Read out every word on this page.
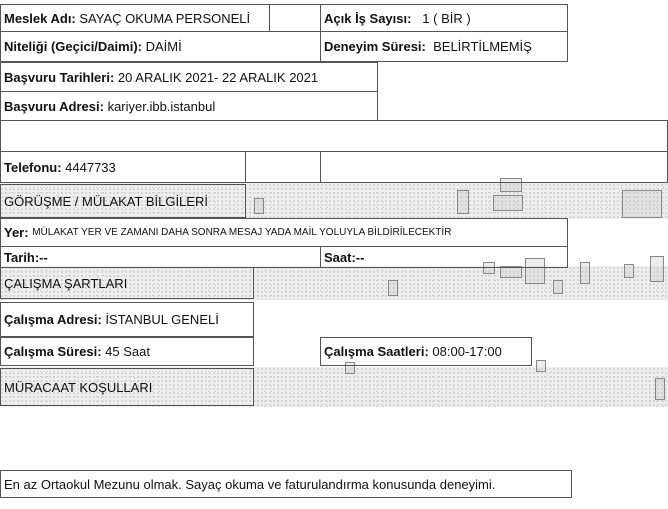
Meslek Adı:
SAYAÇ OKUMA PERSONELİ	Açık İş Sayısı:
1 ( BİR )
Niteliği (Geçici/Daimi):
DAİMİ	Deneyim Süresi:
BELİRTİLMEMİŞ
Başvuru Tarihleri:
20 ARALIK 2021- 22 ARALIK 2021
Başvuru Adresi:
kariyer.ibb.istanbul
Telefonu:
4447733
GÖRÜŞME / MÜLAKAT BİLGİLERİ
Yer:
MÜLAKAT YER VE ZAMANI DAHA SONRA MESAJ YADA MAİL YOLUYLA BİLDİRİLECEKTİR
Tarih:--	Saat:--
ÇALIŞMA ŞARTLARI
Çalışma Adresi:
İSTANBUL GENELİ
Çalışma Süresi:
45 Saat	Çalışma Saatleri:
08:00-17:00
MÜRACAAT KOŞULLARI
En az Ortaokul Mezunu olmak. Sayaç okuma ve faturulandırma konusunda deneyimi.
